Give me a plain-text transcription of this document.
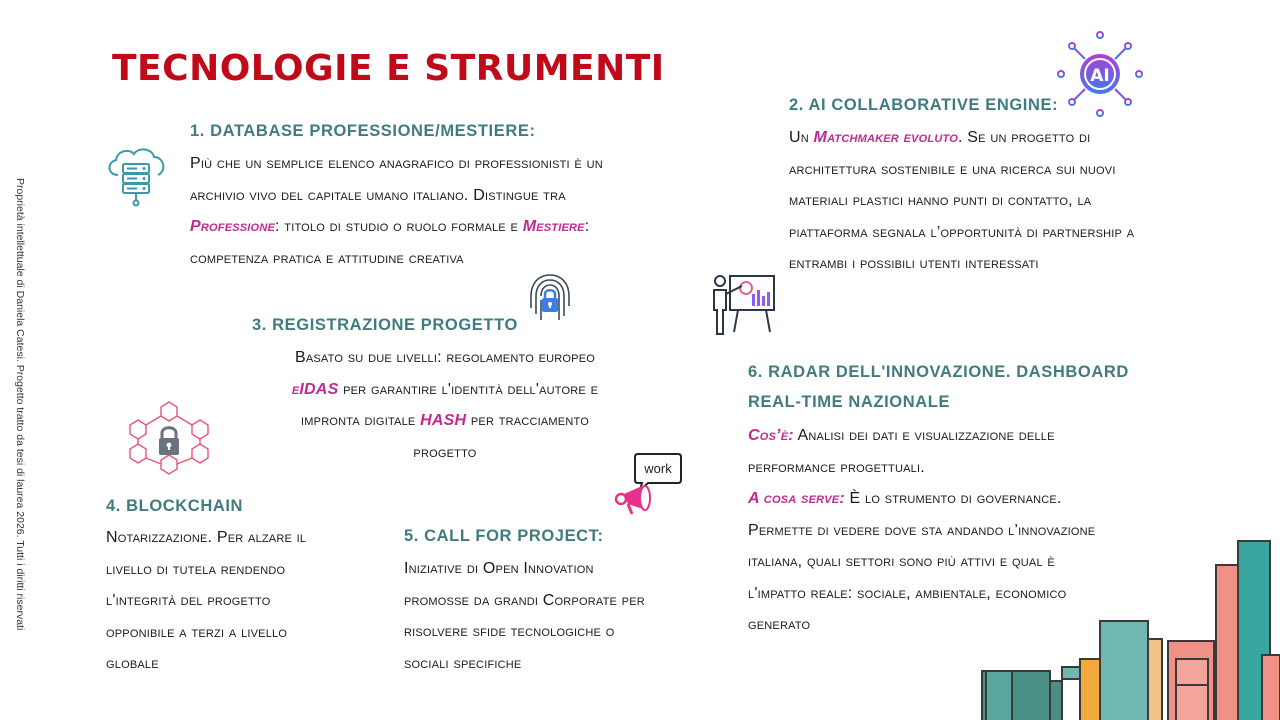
TECNOLOGIE E STRUMENTI
Proprietà intellettuale di Daniela Catesi. Progetto tratto da tesi di laurea 2026. Tutti i diritti riservati
1. DATABASE PROFESSIONE/MESTIERE:
Più che un semplice elenco anagrafico di professionisti è un
archivio vivo del capitale umano italiano. Distingue tra
Professione: titolo di studio o ruolo formale e Mestiere:
competenza pratica e attitudine creativa
AI
2. AI COLLABORATIVE ENGINE:
Un Matchmaker evoluto. Se un progetto di
architettura sostenibile e una ricerca sui nuovi
materiali plastici hanno punti di contatto, la
piattaforma segnala l’opportunità di partnership a
entrambi i possibili utenti interessati
3. REGISTRAZIONE PROGETTO
Basato su due livelli: regolamento europeo
eIDAS per garantire l'identità dell'autore e
impronta digitale HASH per tracciamento
progetto
4. BLOCKCHAIN
Notarizzazione. Per alzare il
livello di tutela rendendo
l'integrità del progetto
opponibile a terzi a livello
globale
work
5. CALL FOR PROJECT:
Iniziative di Open Innovation
promosse da grandi Corporate per
risolvere sfide tecnologiche o
sociali specifiche
6. RADAR DELL'INNOVAZIONE. DASHBOARD
REAL-TIME NAZIONALE
Cos’è: Analisi dei dati e visualizzazione delle
performance progettuali.
A cosa serve: È lo strumento di governance.
Permette di vedere dove sta andando l’innovazione
italiana, quali settori sono più attivi e qual è
l'impatto reale: sociale, ambientale, economico
generato
